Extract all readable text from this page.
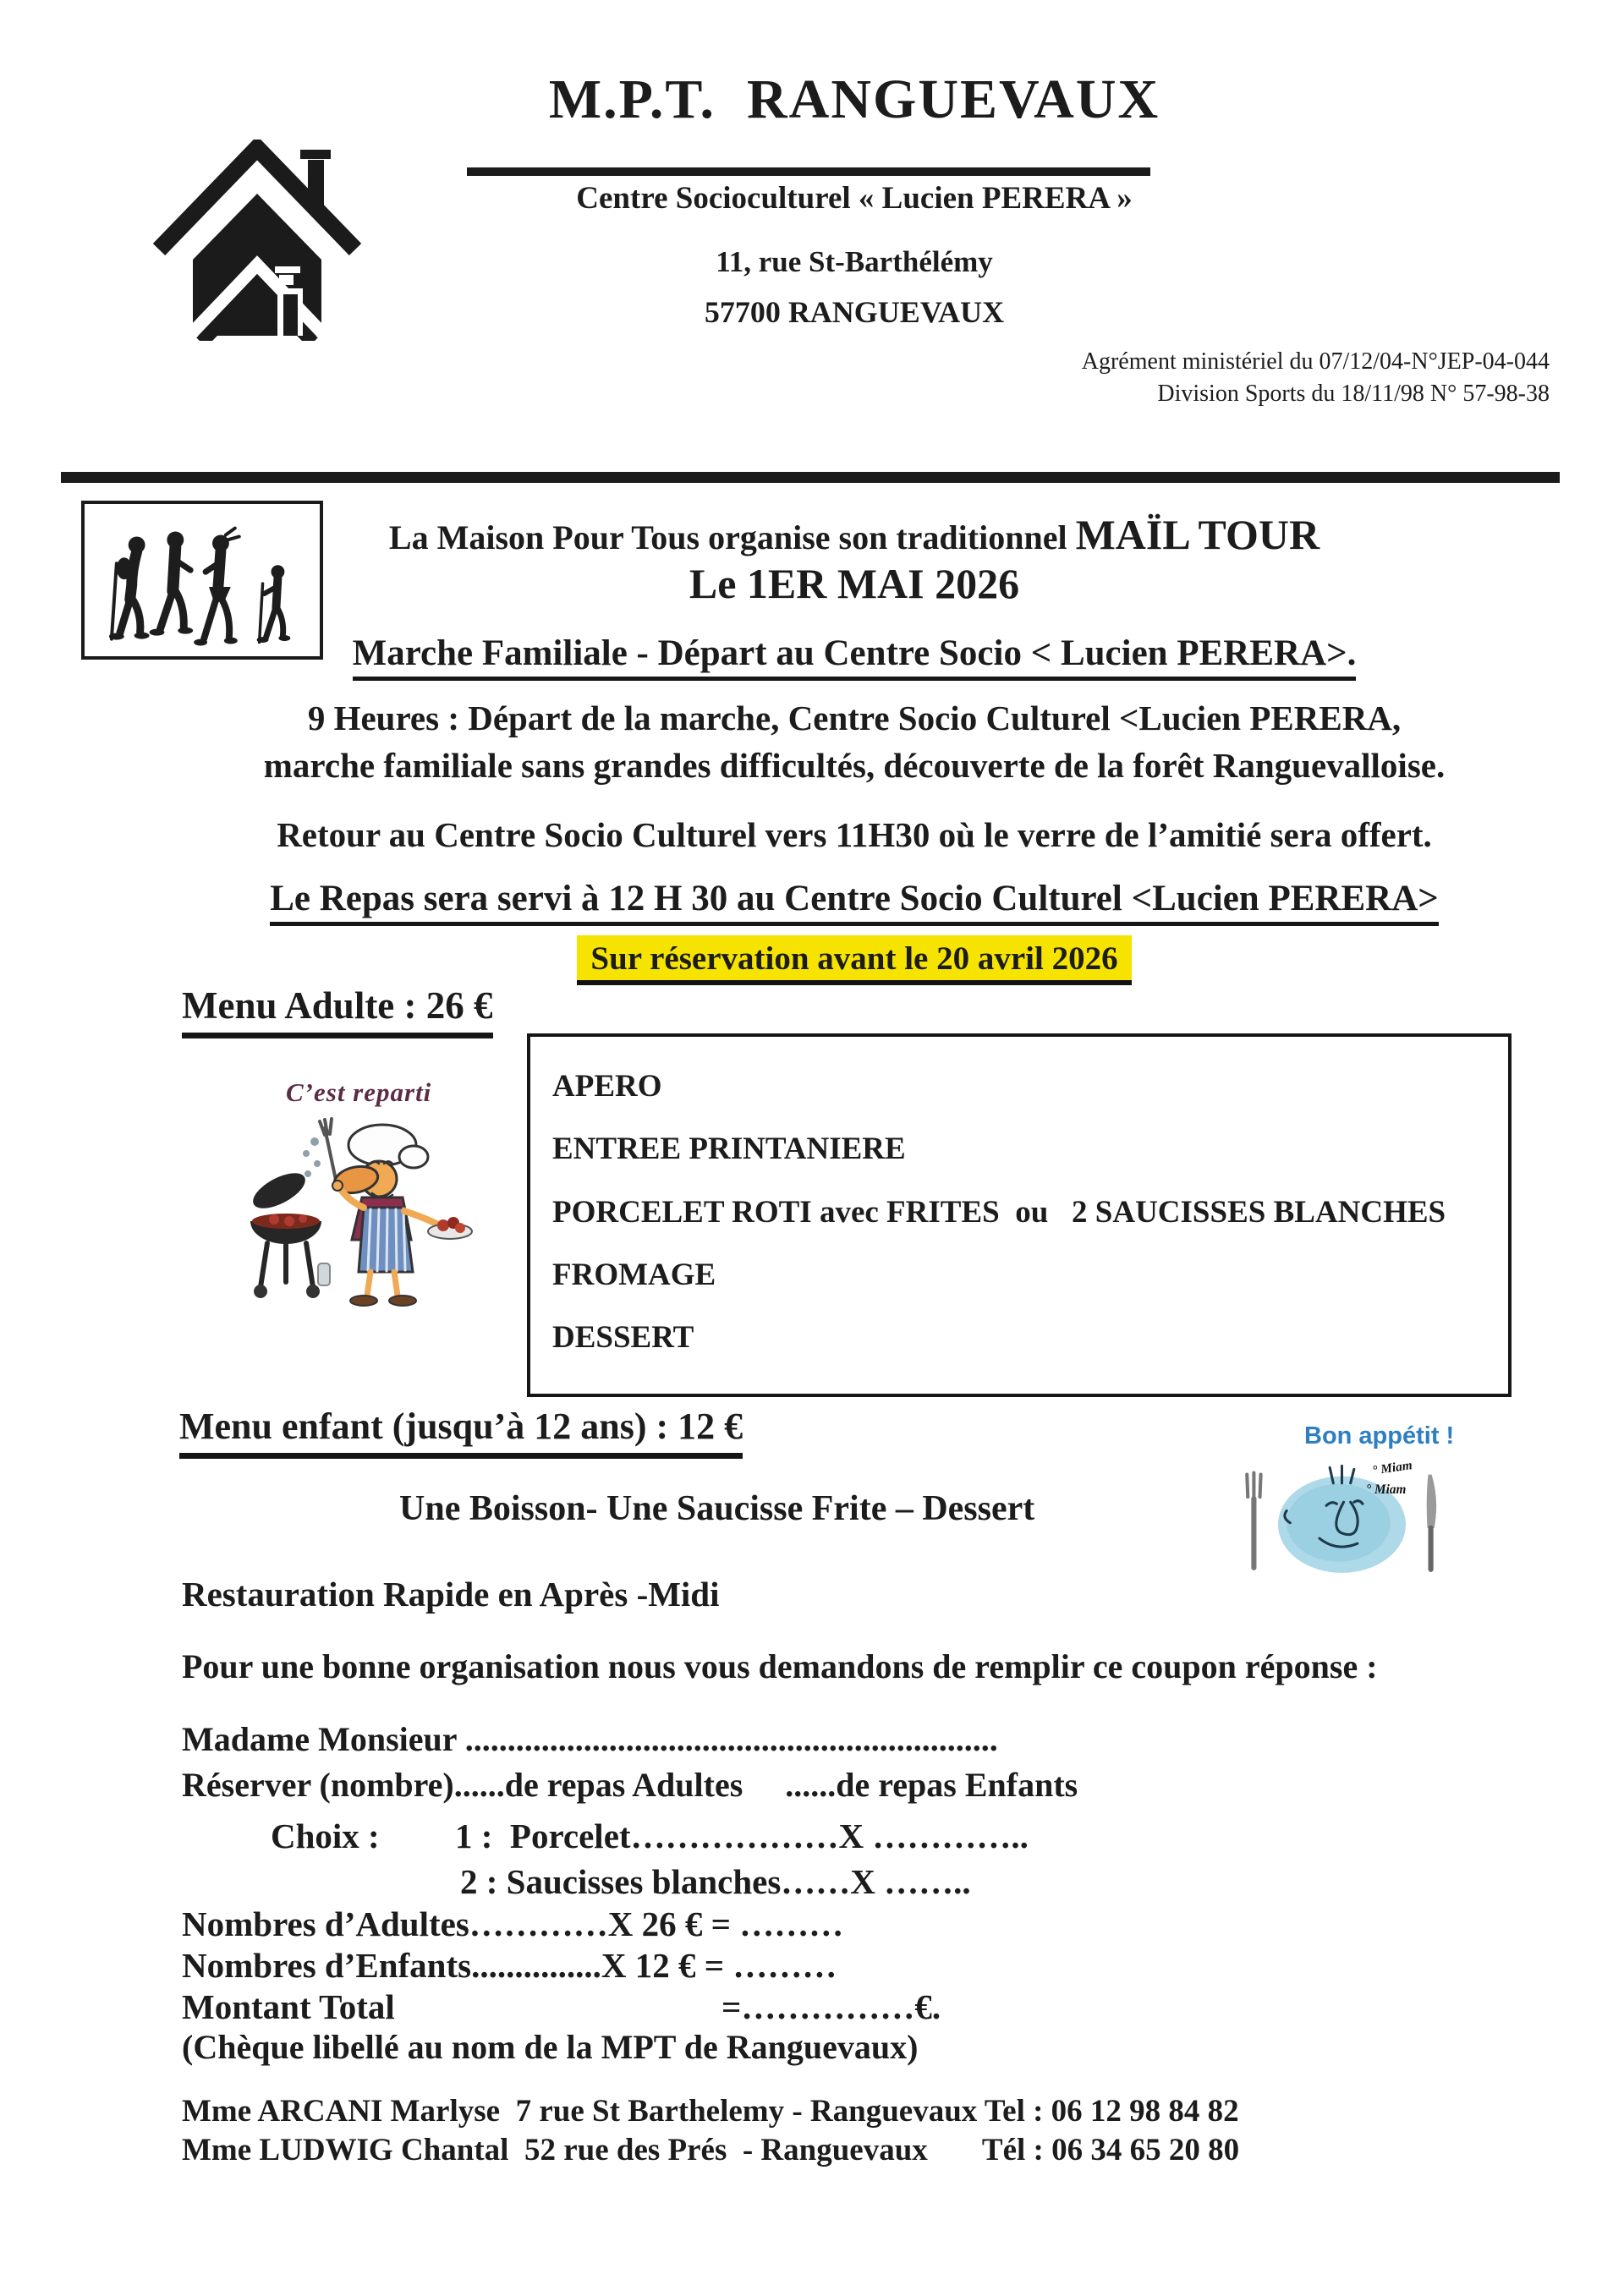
M.P.T.  RANGUEVAUX
Centre Socioculturel « Lucien PERERA »
11, rue St-Barthélémy
57700 RANGUEVAUX
Agrément ministériel du 07/12/04-N°JEP-04-044
Division Sports du 18/11/98 N° 57-98-38

La Maison Pour Tous organise son traditionnel MAÏL TOUR
Le 1ER MAI 2026
Marche Familiale - Départ au Centre Socio < Lucien PERERA>.
9 Heures : Départ de la marche, Centre Socio Culturel <Lucien PERERA,
marche familiale sans grandes difficultés, découverte de la forêt Ranguevalloise.
Retour au Centre Socio Culturel vers 11H30 où le verre de l’amitié sera offert.
Le Repas sera servi à 12 H 30 au Centre Socio Culturel <Lucien PERERA>
Sur réservation avant le 20 avril 2026
Menu Adulte : 26 €
APERO
ENTREE PRINTANIERE
PORCELET ROTI avec FRITES  ou   2 SAUCISSES BLANCHES
FROMAGE
DESSERT

C’est reparti

Menu enfant (jusqu’à 12 ans) : 12 €	Bon appétit !
° Miam
° Miam
Une Boisson- Une Saucisse Frite – Dessert
Restauration Rapide en Après -Midi
Pour une bonne organisation nous vous demandons de remplir ce coupon réponse :
Madame Monsieur ...............................................................
Réserver (nombre)......de repas Adultes     ......de repas Enfants
Choix : 1 :  Porcelet………………X …………..
2 : Saucisses blanches……X ……..
Nombres d’Adultes…………X 26 € = ………
Nombres d’Enfants...............X 12 € = ………
Montant Total	=……………€.
(Chèque libellé au nom de la MPT de Ranguevaux)
Mme ARCANI Marlyse  7 rue St Barthelemy - Ranguevaux Tel : 06 12 98 84 82
Mme LUDWIG Chantal  52 rue des Prés  - Ranguevaux       Tél : 06 34 65 20 80
